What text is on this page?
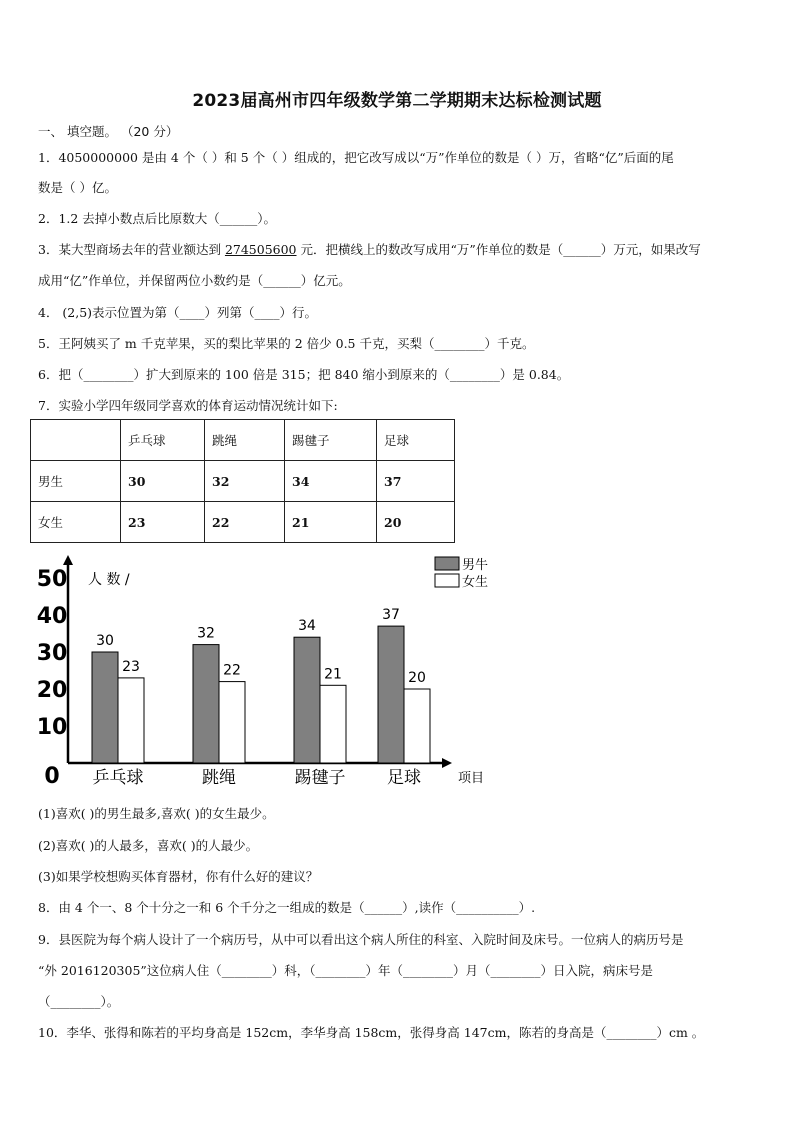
2023届高州市四年级数学第二学期期末达标检测试题
一、 填空题。 （20 分）
1．4050000000 是由 4 个（ ）和 5 个（ ）组成的，把它改写成以“万”作单位的数是（ ）万，省略“亿”后面的尾
数是（ ）亿。
2．1.2 去掉小数点后比原数大（______）。
3．某大型商场去年的营业额达到 274505600 元．把横线上的数改写成用“万”作单位的数是（______）万元，如果改写
成用“亿”作单位，并保留两位小数约是（______）亿元。
4． (2,5)表示位置为第（____）列第（____）行。
5．王阿姨买了 m 千克苹果，买的梨比苹果的 2 倍少 0.5 千克，买梨（________）千克。
6．把（________）扩大到原来的 100 倍是 315；把 840 缩小到原来的（________）是 0.84。
7．实验小学四年级同学喜欢的体育运动情况统计如下:
	乒乓球	跳绳	踢毽子	足球
男生	30	32	34	37
女生	23	22	21	20
0
10
20
30
40
50 人 数 /
项目
30
23
乒乓球
32
22
跳绳
34
21
踢毽子
37
20
足球
男牛
女生
(1)喜欢( )的男生最多,喜欢( )的女生最少。
(2)喜欢( )的人最多，喜欢( )的人最少。
(3)如果学校想购买体育器材，你有什么好的建议？
8．由 4 个一、8 个十分之一和 6 个千分之一组成的数是（______）,读作（__________）.
9．县医院为每个病人设计了一个病历号，从中可以看出这个病人所住的科室、入院时间及床号。一位病人的病历号是
“外 2016120305”这位病人住（________）科，（________）年（________）月（________）日入院，病床号是
（________）。
10．李华、张得和陈若的平均身高是 152cm，李华身高 158cm，张得身高 147cm，陈若的身高是（________）cm 。
